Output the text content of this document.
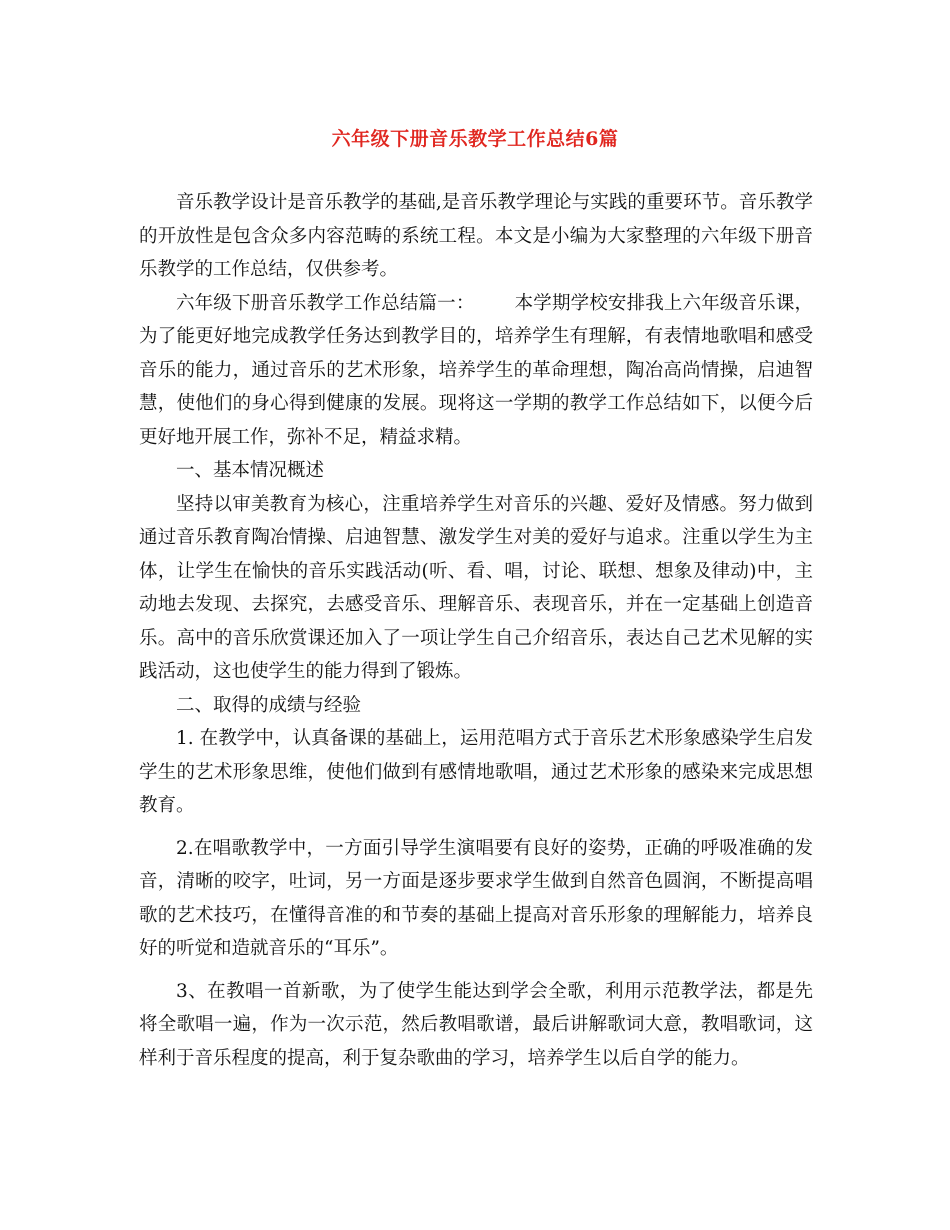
六年级下册音乐教学工作总结6篇

音乐教学设计是音乐教学的基础,是音乐教学理论与实践的重要环节。音乐教学的开放性是包含众多内容范畴的系统工程。本文是小编为大家整理的六年级下册音乐教学的工作总结，仅供参考。

六年级下册音乐教学工作总结篇一： 本学期学校安排我上六年级音乐课，为了能更好地完成教学任务达到教学目的，培养学生有理解，有表情地歌唱和感受音乐的能力，通过音乐的艺术形象，培养学生的革命理想，陶冶高尚情操，启迪智慧，使他们的身心得到健康的发展。现将这一学期的教学工作总结如下，以便今后更好地开展工作，弥补不足，精益求精。

一、基本情况概述

坚持以审美教育为核心，注重培养学生对音乐的兴趣、爱好及情感。努力做到通过音乐教育陶冶情操、启迪智慧、激发学生对美的爱好与追求。注重以学生为主体，让学生在愉快的音乐实践活动(听、看、唱，讨论、联想、想象及律动)中，主动地去发现、去探究，去感受音乐、理解音乐、表现音乐，并在一定基础上创造音乐。高中的音乐欣赏课还加入了一项让学生自己介绍音乐，表达自己艺术见解的实践活动，这也使学生的能力得到了锻炼。

二、取得的成绩与经验

1. 在教学中，认真备课的基础上，运用范唱方式于音乐艺术形象感染学生启发学生的艺术形象思维，使他们做到有感情地歌唱，通过艺术形象的感染来完成思想教育。

2.在唱歌教学中，一方面引导学生演唱要有良好的姿势，正确的呼吸准确的发音，清晰的咬字，吐词，另一方面是逐步要求学生做到自然音色圆润，不断提高唱歌的艺术技巧，在懂得音准的和节奏的基础上提高对音乐形象的理解能力，培养良好的听觉和造就音乐的“耳乐”。

3、在教唱一首新歌，为了使学生能达到学会全歌，利用示范教学法，都是先将全歌唱一遍，作为一次示范，然后教唱歌谱，最后讲解歌词大意，教唱歌词，这样利于音乐程度的提高，利于复杂歌曲的学习，培养学生以后自学的能力。
